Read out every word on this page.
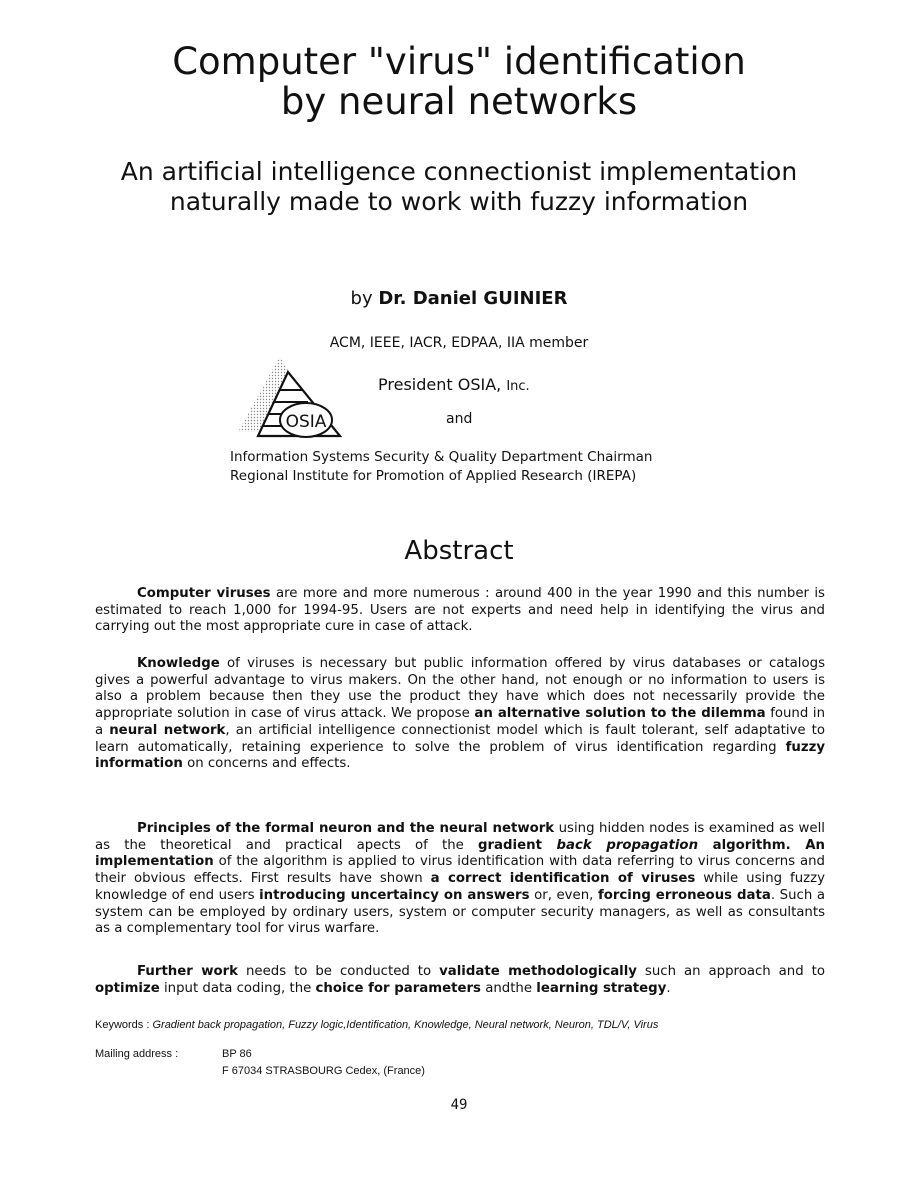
Computer "virus" identification
by neural networks
An artificial intelligence connectionist implementation
naturally made to work with fuzzy information
by Dr. Daniel GUINIER
ACM, IEEE, IACR, EDPAA, IIA member
OSIA
President OSIA, Inc.
and
Information Systems Security & Quality Department Chairman
Regional Institute for Promotion of Applied Research (IREPA)
Abstract

Computer viruses are more and more numerous : around 400 in the year 1990 and this number is estimated to reach 1,000 for 1994-95. Users are not experts and need help in identifying the virus and carrying out the most appropriate cure in case of attack.

Knowledge of viruses is necessary but public information offered by virus databases or catalogs gives a powerful advantage to virus makers. On the other hand, not enough or no information to users is also a problem because then they use the product they have which does not necessarily provide the appropriate solution in case of virus attack. We propose an alternative solution to the dilemma found in a neural network, an artificial intelligence connectionist model which is fault tolerant, self adaptative to learn automatically, retaining experience to solve the problem of virus identification regarding fuzzy information on concerns and effects.

Principles of the formal neuron and the neural network using hidden nodes is examined as well as the theoretical and practical apects of the gradient back propagation algorithm. An implementation of the algorithm is applied to virus identification with data referring to virus concerns and their obvious effects. First results have shown a correct identification of viruses while using fuzzy knowledge of end users introducing uncertaincy on answers or, even, forcing erroneous data. Such a system can be employed by ordinary users, system or computer security managers, as well as consultants as a complementary tool for virus warfare.

Further work needs to be conducted to validate methodologically such an approach and to optimize input data coding, the choice for parameters andthe learning strategy.

Keywords : Gradient back propagation, Fuzzy logic,Identification, Knowledge, Neural network, Neuron, TDL/V, Virus
Mailing address :	BP 86
F 67034 STRASBOURG Cedex, (France)
49
